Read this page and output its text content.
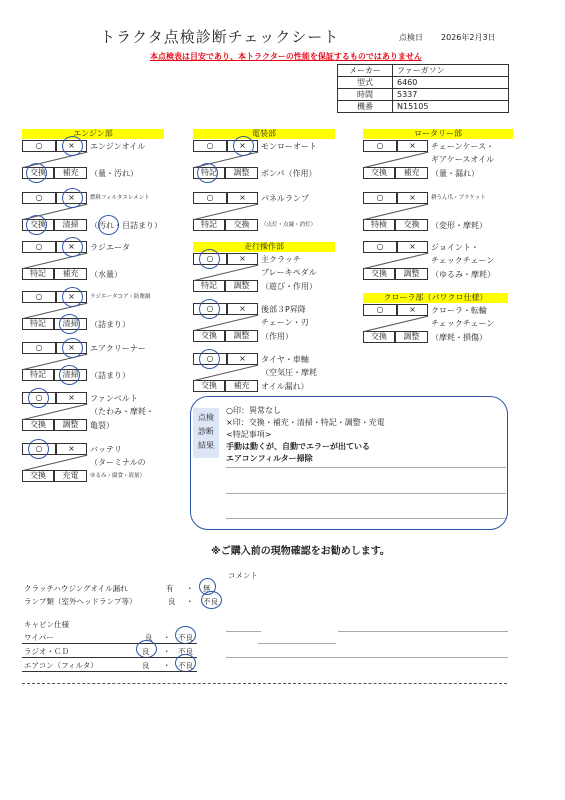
トラクタ点検診断チェックシート	点検日 2026年2月3日
本点検表は目安であり、本トラクターの性能を保証するものではありません
メーカー	ファーガソン
型式	6460
時間	5337
機番	N15105
エンジン部	電装部	ロータリー部
走行操作部
クローラ部（パワクロ仕様）
○	×
交換	補充
エンジンオイル
（量・汚れ）
○	×
交換	清掃
燃料フィルタエレメント
（汚れ・目詰まり）
○	×
特記	補充
ラジエータ
（水量）
○	×
特記	清掃
ラジエータコア・防塵網
（詰まり）
○	×
特記	清掃
エアクリーナー
（詰まり）
○	×
交換	調整
ファンベルト
（たわみ・摩耗・
亀裂）
○	×
交換	充電
バッテリ
（ターミナルの
ゆるみ・腐食・液量）
○	×
特記	調整
モンローオート
ポンパ（作用）
○	×
特記	交換
パネルランプ
（点灯・点滅・消灯）
○	×
特記	調整
主クラッチ
ブレーキペダル
（遊び・作用）
○	×
交換	調整
後部３P昇降
チェーン・刃
（作用）
○	×
交換	補充
タイヤ・車軸
（空気圧・摩耗
オイル漏れ）
○	×
交換	補充
チェーンケース・
ギアケースオイル
（量・漏れ）
○	×
特検	交換
耕うん爪・ブラケット
（変形・摩耗）
○	×
交換	調整
ジョイント・
チェックチェーン
（ゆるみ・摩耗）
○	×
交換	調整
クローラ・転輪
チェックチェーン
（摩耗・損傷）
点検
診断
結果
○印：異常なし
×印：交換・補充・清掃・特記・調整・充電
<特記事項>
手動は動くが、自動でエラーが出ている
エアコンフィルター掃除
※ご購入前の現物確認をお勧めします。
コメント
クラッチハウジングオイル漏れ	有 ・ 無
ランプ類（室外ヘッドランプ等）	良 ・ 不良
キャビン仕様
ワイパー	良 ・ 不良
ラジオ・ＣＤ	良 ・ 不良
エアコン（フィルタ）	良 ・ 不良
